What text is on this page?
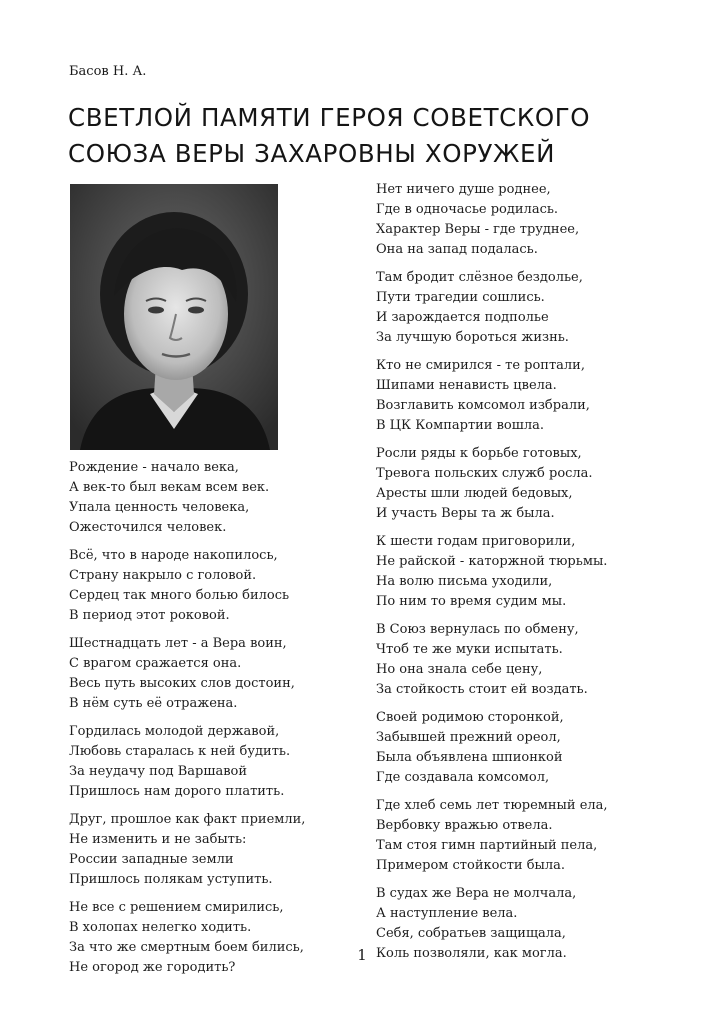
Басов Н. А.
СВЕТЛОЙ ПАМЯТИ ГЕРОЯ СОВЕТСКОГО
СОЮЗА ВЕРЫ ЗАХАРОВНЫ ХОРУЖЕЙ
Рождение - начало века,
А век-то был векам всем век.
Упала ценность человека,
Ожесточился человек.
Всё, что в народе накопилось,
Страну накрыло с головой.
Сердец так много болью билось
В период этот роковой.
Шестнадцать лет - а Вера воин,
С врагом сражается она.
Весь путь высоких слов достоин,
В нём суть её отражена.
Гордилась молодой державой,
Любовь старалась к ней будить.
За неудачу под Варшавой
Пришлось нам дорого платить.
Друг, прошлое как факт приемли,
Не изменить и не забыть:
России западные земли
Пришлось полякам уступить.
Не все с решением смирились,
В холопах нелегко ходить.
За что же смертным боем бились,
Не огород же городить?
Нет ничего душе роднее,
Где в одночасье родилась.
Характер Веры - где труднее,
Она на запад подалась.
Там бродит слёзное бездолье,
Пути трагедии сошлись.
И зарождается подполье
За лучшую бороться жизнь.
Кто не смирился - те роптали,
Шипами ненависть цвела.
Возглавить комсомол избрали,
В ЦК Компартии вошла.
Росли ряды к борьбе готовых,
Тревога польских служб росла.
Аресты шли людей бедовых,
И участь Веры та ж была.
К шести годам приговорили,
Не райской - каторжной тюрьмы.
На волю письма уходили,
По ним то время судим мы.
В Союз вернулась по обмену,
Чтоб те же муки испытать.
Но она знала себе цену,
За стойкость стоит ей воздать.
Своей родимою сторонкой,
Забывшей прежний ореол,
Была объявлена шпионкой
Где создавала комсомол,
Где хлеб семь лет тюремный ела,
Вербовку вражью отвела.
Там стоя гимн партийный пела,
Примером стойкости была.
В судах же Вера не молчала,
А наступление вела.
Себя, собратьев защищала,
Коль позволяли, как могла.
1
